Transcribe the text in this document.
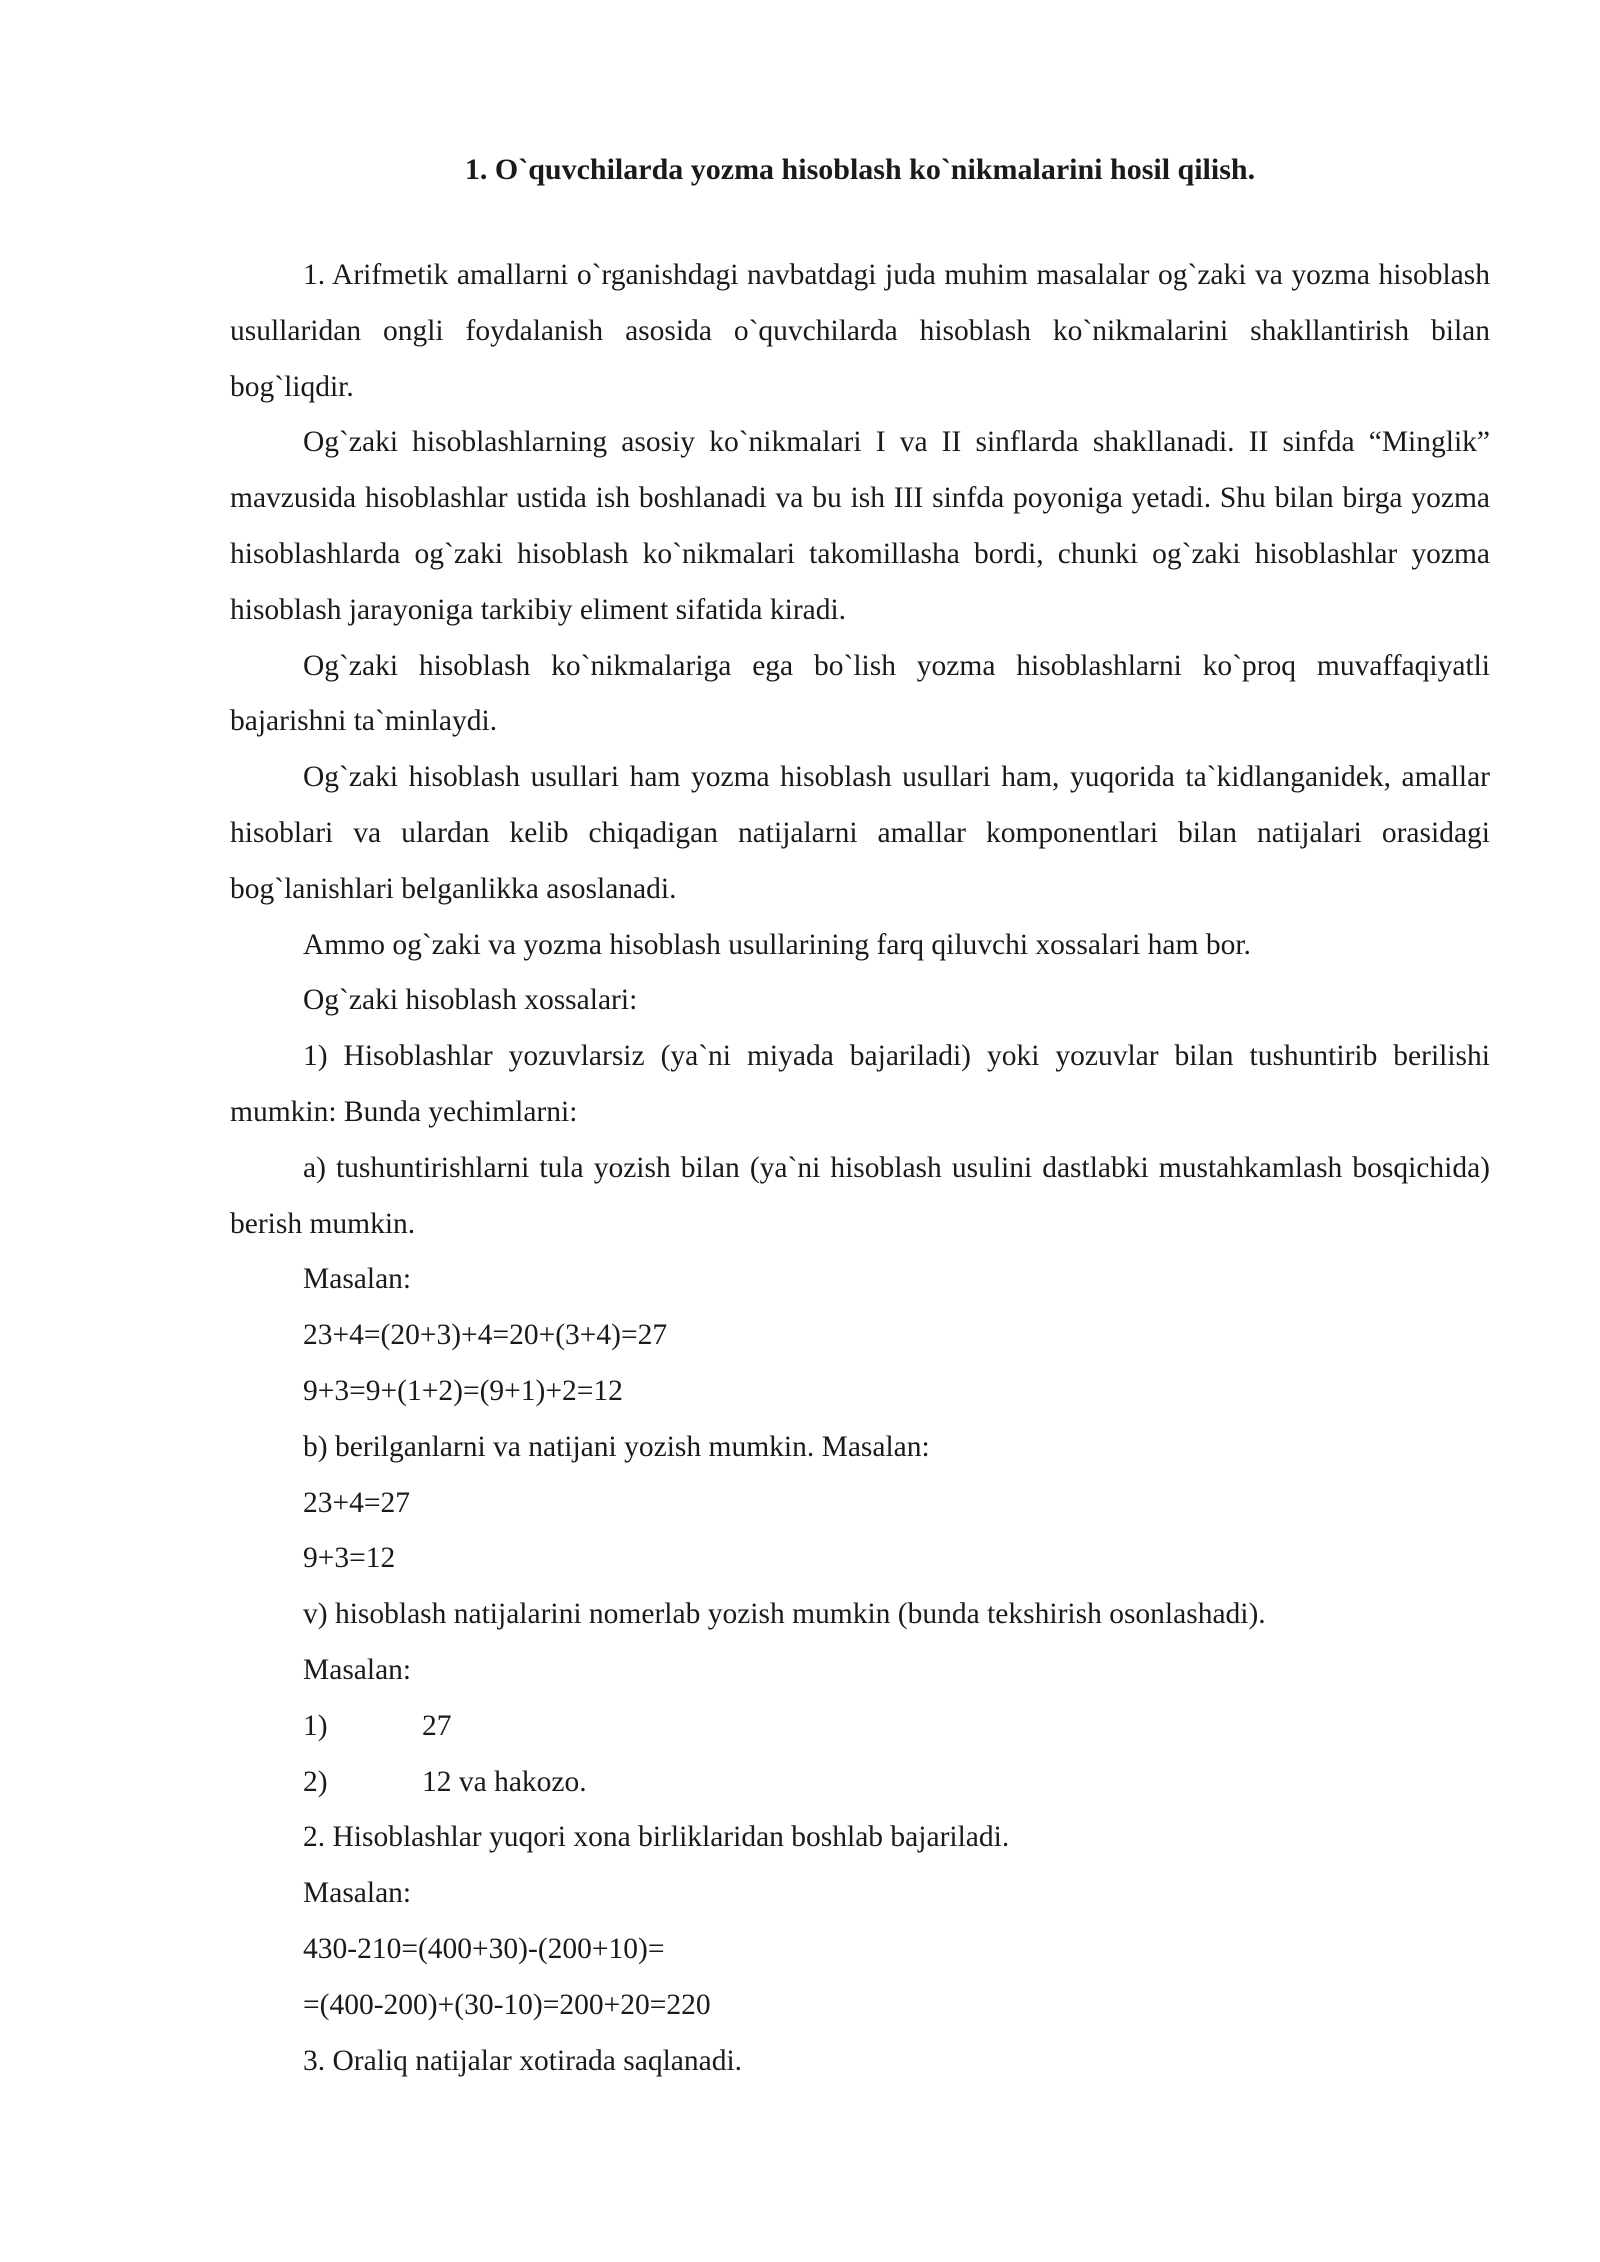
1. O`quvchilarda yozma hisoblash ko`nikmalarini hosil qilish.

1. Arifmetik amallarni o`rganishdagi navbatdagi juda muhim masalalar og`zaki va yozma hisoblash usullaridan ongli foydalanish asosida o`quvchilarda hisoblash ko`nikmalarini shakllantirish bilan bog`liqdir.

Og`zaki hisoblashlarning asosiy ko`nikmalari I va II sinflarda shakllanadi. II sinfda “Minglik” mavzusida hisoblashlar ustida ish boshlanadi va bu ish III sinfda poyoniga yetadi. Shu bilan birga yozma hisoblashlarda og`zaki hisoblash ko`nikmalari takomillasha bordi, chunki og`zaki hisoblashlar yozma hisoblash jarayoniga tarkibiy eliment sifatida kiradi.

Og`zaki hisoblash ko`nikmalariga ega bo`lish yozma hisoblashlarni ko`proq muvaffaqiyatli bajarishni ta`minlaydi.

Og`zaki hisoblash usullari ham yozma hisoblash usullari ham, yuqorida ta`kidlanganidek, amallar hisoblari va ulardan kelib chiqadigan natijalarni amallar komponentlari bilan natijalari orasidagi bog`lanishlari belganlikka asoslanadi.

Ammo og`zaki va yozma hisoblash usullarining farq qiluvchi xossalari ham bor.

Og`zaki hisoblash xossalari:

1) Hisoblashlar yozuvlarsiz (ya`ni miyada bajariladi) yoki yozuvlar bilan tushuntirib berilishi mumkin: Bunda yechimlarni:

a) tushuntirishlarni tula yozish bilan (ya`ni hisoblash usulini dastlabki mustahkamlash bosqichida) berish mumkin.

Masalan:
23+4=(20+3)+4=20+(3+4)=27
9+3=9+(1+2)=(9+1)+2=12
b) berilganlarni va natijani yozish mumkin. Masalan:
23+4=27
9+3=12
v) hisoblash natijalarini nomerlab yozish mumkin (bunda tekshirish osonlashadi).
Masalan:
1)	27
2)	12 va hakozo.
2. Hisoblashlar yuqori xona birliklaridan boshlab bajariladi.
Masalan:
430-210=(400+30)-(200+10)=
=(400-200)+(30-10)=200+20=220
3. Oraliq natijalar xotirada saqlanadi.
